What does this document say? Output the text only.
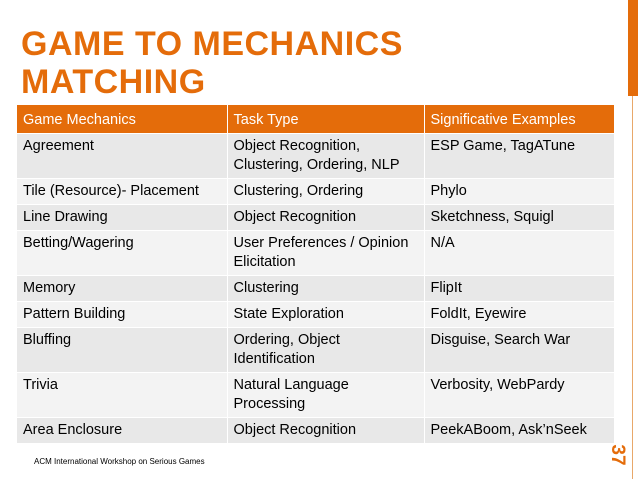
GAME TO MECHANICS MATCHING
Game Mechanics	Task Type	Significative Examples
Agreement	Object Recognition, Clustering, Ordering, NLP	ESP Game, TagATune
Tile (Resource)- Placement	Clustering, Ordering	Phylo
Line Drawing	Object Recognition	Sketchness, Squigl
Betting/Wagering	User Preferences / Opinion Elicitation	N/A
Memory	Clustering	FlipIt
Pattern Building	State Exploration	FoldIt, Eyewire
Bluffing	Ordering, Object Identification	Disguise, Search War
Trivia	Natural Language Processing	Verbosity, WebPardy
Area Enclosure	Object Recognition	PeekABoom, Ask’nSeek
ACM International Workshop on Serious Games	37
